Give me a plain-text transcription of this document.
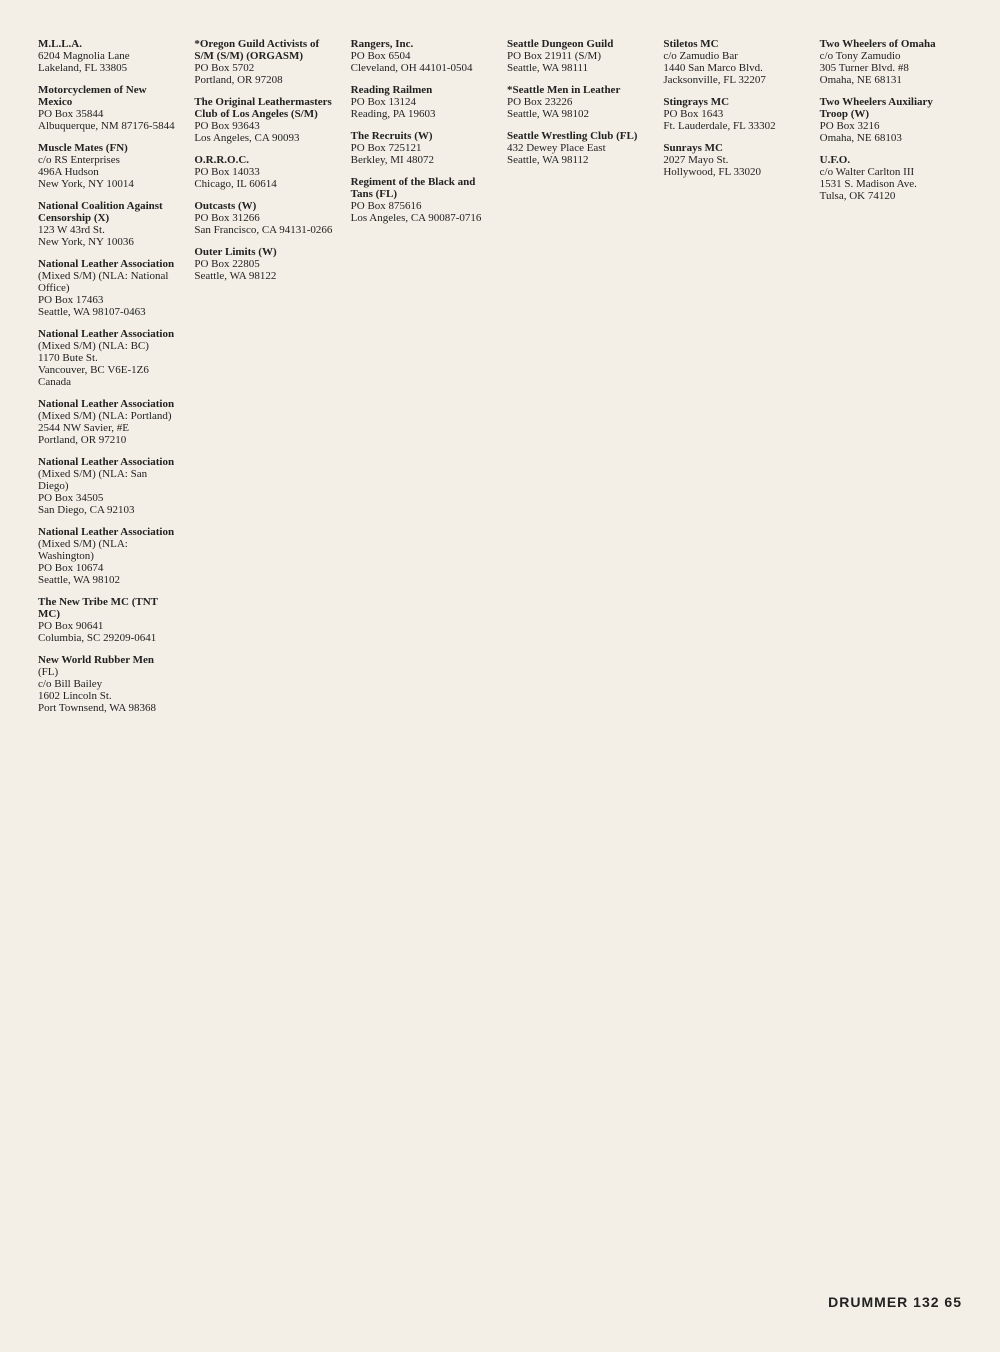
M.L.L.A.
6204 Magnolia Lane
Lakeland, FL 33805
Motorcyclemen of New Mexico
PO Box 35844
Albuquerque, NM 87176-5844
Muscle Mates (FN)
c/o RS Enterprises
496A Hudson
New York, NY 10014
National Coalition Against Censorship (X)
123 W 43rd St.
New York, NY 10036
National Leather Association
(Mixed S/M) (NLA: National Office)
PO Box 17463
Seattle, WA 98107-0463
National Leather Association
(Mixed S/M) (NLA: BC)
1170 Bute St.
Vancouver, BC V6E-1Z6
Canada
National Leather Association
(Mixed S/M) (NLA: Portland)
2544 NW Savier, #E
Portland, OR 97210
National Leather Association
(Mixed S/M) (NLA: San Diego)
PO Box 34505
San Diego, CA 92103
National Leather Association
(Mixed S/M) (NLA: Washington)
PO Box 10674
Seattle, WA 98102
The New Tribe MC (TNT MC)
PO Box 90641
Columbia, SC 29209-0641
New World Rubber Men
(FL)
c/o Bill Bailey
1602 Lincoln St.
Port Townsend, WA 98368
*Oregon Guild Activists of S/M (S/M) (ORGASM)
PO Box 5702
Portland, OR 97208
The Original Leathermasters Club of Los Angeles (S/M)
PO Box 93643
Los Angeles, CA 90093
O.R.R.O.C.
PO Box 14033
Chicago, IL 60614
Outcasts (W)
PO Box 31266
San Francisco, CA 94131-0266
Outer Limits (W)
PO Box 22805
Seattle, WA 98122
Rangers, Inc.
PO Box 6504
Cleveland, OH 44101-0504
Reading Railmen
PO Box 13124
Reading, PA 19603
The Recruits (W)
PO Box 725121
Berkley, MI 48072
Regiment of the Black and Tans (FL)
PO Box 875616
Los Angeles, CA 90087-0716
Seattle Dungeon Guild
PO Box 21911 (S/M)
Seattle, WA 98111
*Seattle Men in Leather
PO Box 23226
Seattle, WA 98102
Seattle Wrestling Club (FL)
432 Dewey Place East
Seattle, WA 98112
Stiletos MC
c/o Zamudio Bar
1440 San Marco Blvd.
Jacksonville, FL 32207
Stingrays MC
PO Box 1643
Ft. Lauderdale, FL 33302
Sunrays MC
2027 Mayo St.
Hollywood, FL 33020
Two Wheelers of Omaha
c/o Tony Zamudio
305 Turner Blvd. #8
Omaha, NE 68131
Two Wheelers Auxiliary Troop (W)
PO Box 3216
Omaha, NE 68103
U.F.O.
c/o Walter Carlton III
1531 S. Madison Ave.
Tulsa, OK 74120
DRUMMER 132 65
